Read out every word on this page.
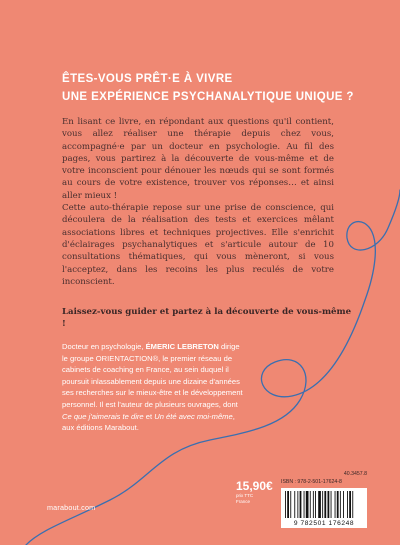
ÊTES-VOUS PRÊT·E À VIVRE
UNE EXPÉRIENCE PSYCHANALYTIQUE UNIQUE ?

En lisant ce livre, en répondant aux questions qu'il contient, vous allez réaliser une thérapie depuis chez vous, accompagné·e par un docteur en psychologie. Au fil des pages, vous partirez à la découverte de vous-même et de votre inconscient pour dénouer les nœuds qui se sont formés au cours de votre existence, trouver vos réponses… et ainsi aller mieux !

Cette auto-thérapie repose sur une prise de conscience, qui découlera de la réalisation des tests et exercices mêlant associations libres et techniques projectives. Elle s'enrichit d'éclairages psychanalytiques et s'articule autour de 10 consultations thématiques, qui vous mèneront, si vous l'acceptez, dans les recoins les plus reculés de votre inconscient.

Laissez-vous guider et partez à la découverte de vous-même !

Docteur en psychologie, ÉMERIC LEBRETON dirige le groupe ORIENTACTION®, le premier réseau de cabinets de coaching en France, au sein duquel il poursuit inlassablement depuis une dizaine d'années ses recherches sur le mieux-être et le développement personnel. Il est l'auteur de plusieurs ouvrages, dont Ce que j'aimerais te dire et Un été avec moi-même, aux éditions Marabout.

marabout.com
15,90€
prix TTC France
40.3457.8
ISBN : 978-2-501-17624-8
9 782501 176248
